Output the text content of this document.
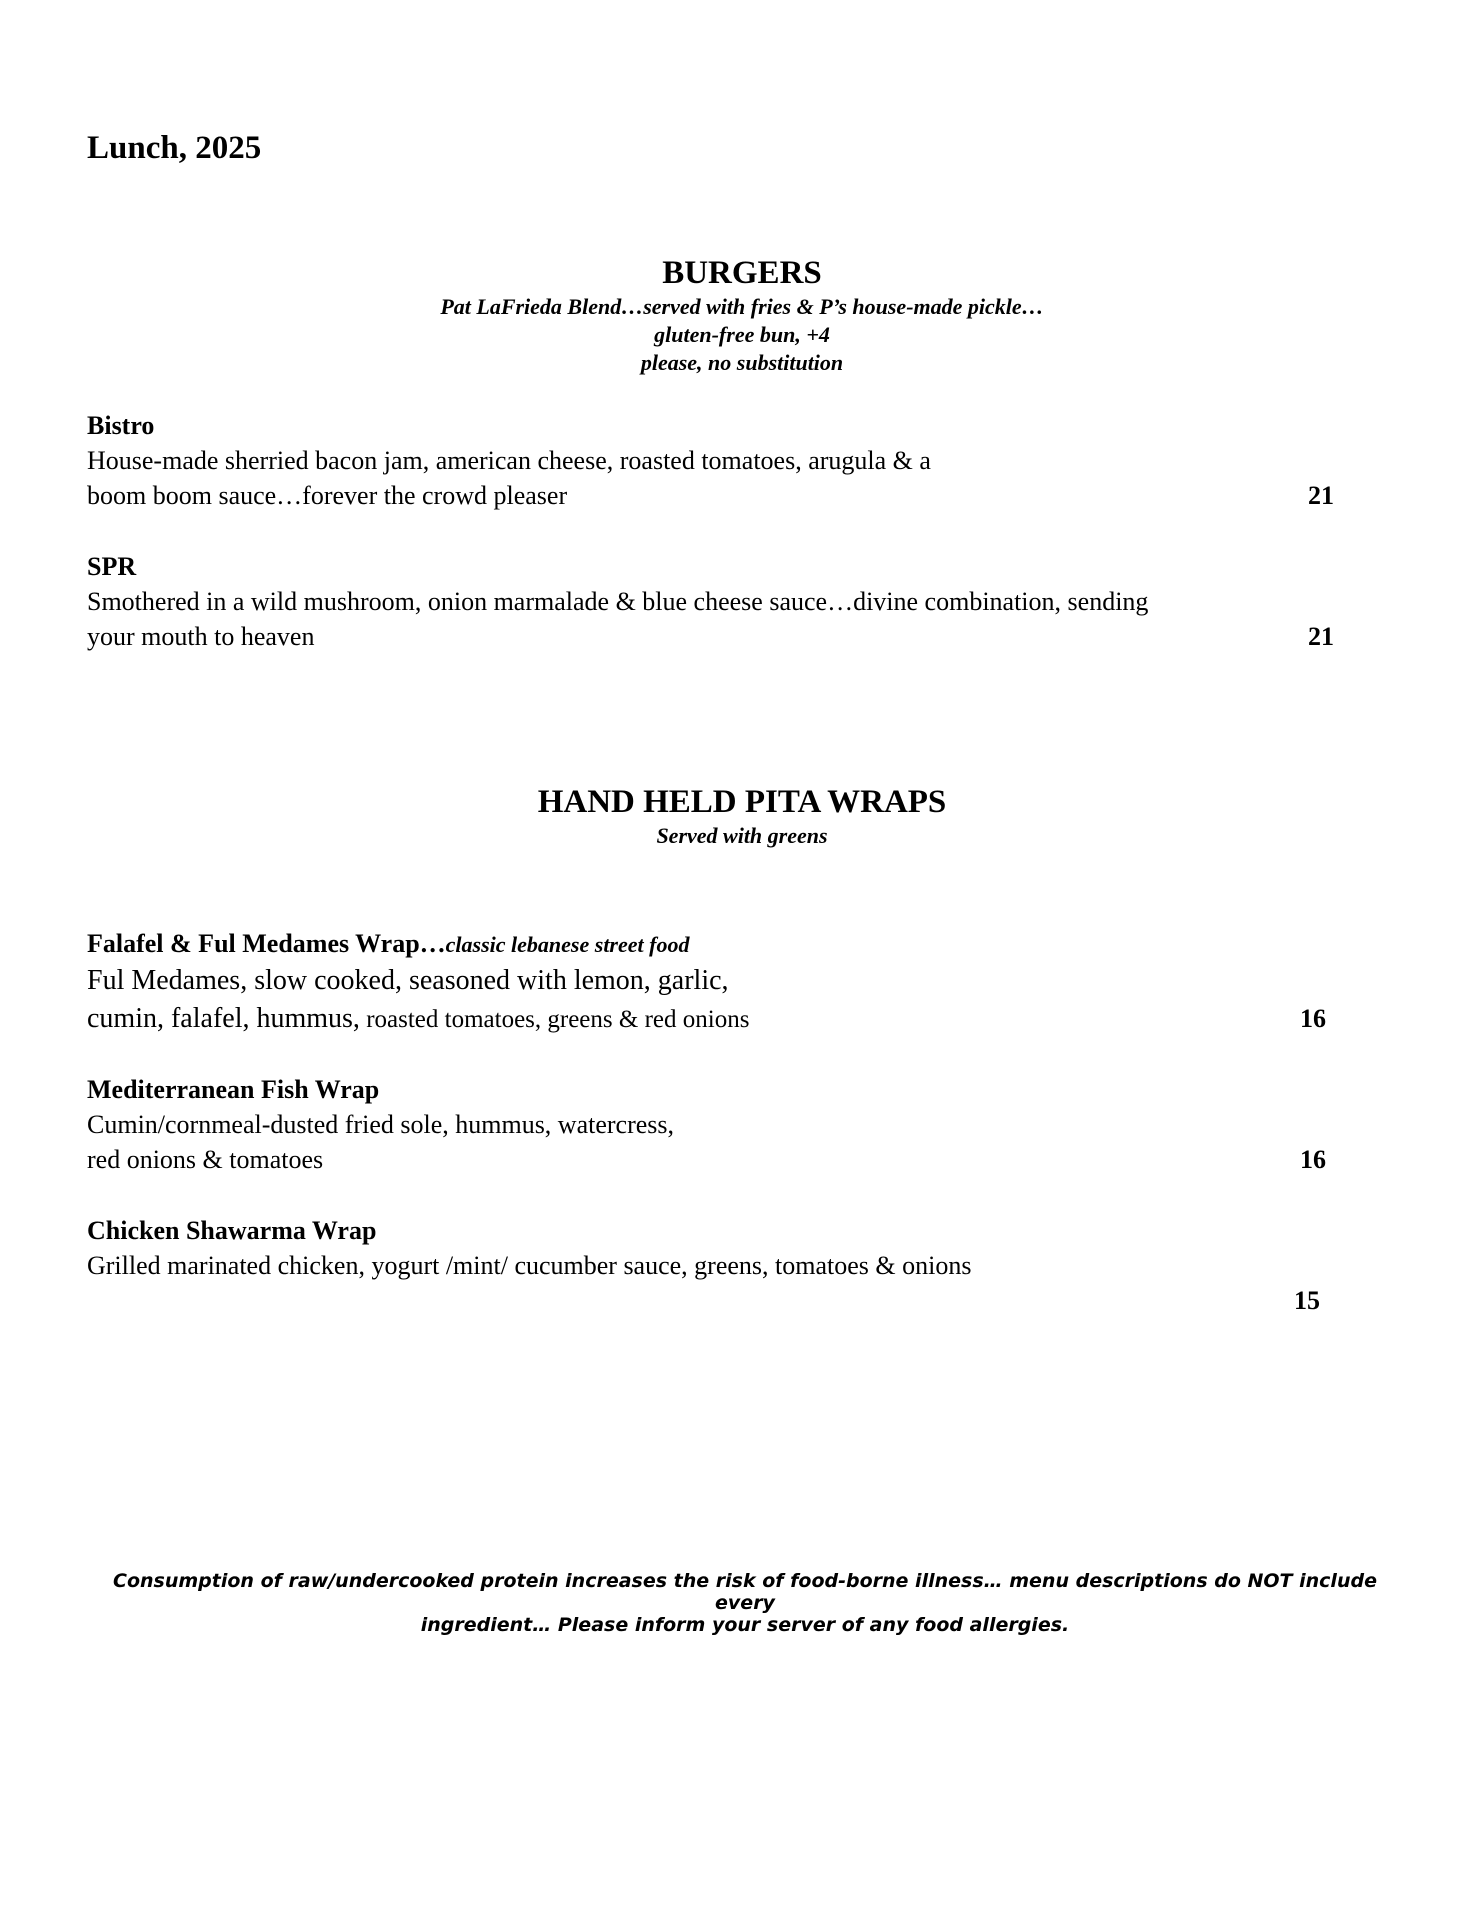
Lunch, 2025
BURGERS
Pat LaFrieda Blend…served with fries & P’s house-made pickle…
gluten-free bun, +4
please, no substitution
Bistro
House-made sherried bacon jam, american cheese, roasted tomatoes, arugula & a
boom boom sauce…forever the crowd pleaser	21
SPR
Smothered in a wild mushroom, onion marmalade & blue cheese sauce…divine combination, sending
your mouth to heaven	21
HAND HELD PITA WRAPS
Served with greens
Falafel & Ful Medames Wrap…classic lebanese street food
Ful Medames, slow cooked, seasoned with lemon, garlic,
cumin, falafel, hummus, roasted tomatoes, greens & red onions	16
Mediterranean Fish Wrap
Cumin/cornmeal-dusted fried sole, hummus, watercress,
red onions & tomatoes	16
Chicken Shawarma Wrap
Grilled marinated chicken, yogurt /mint/ cucumber sauce, greens, tomatoes & onions
15
Consumption of raw/undercooked protein increases the risk of food-borne illness… menu descriptions do NOT include every
ingredient… Please inform your server of any food allergies.
